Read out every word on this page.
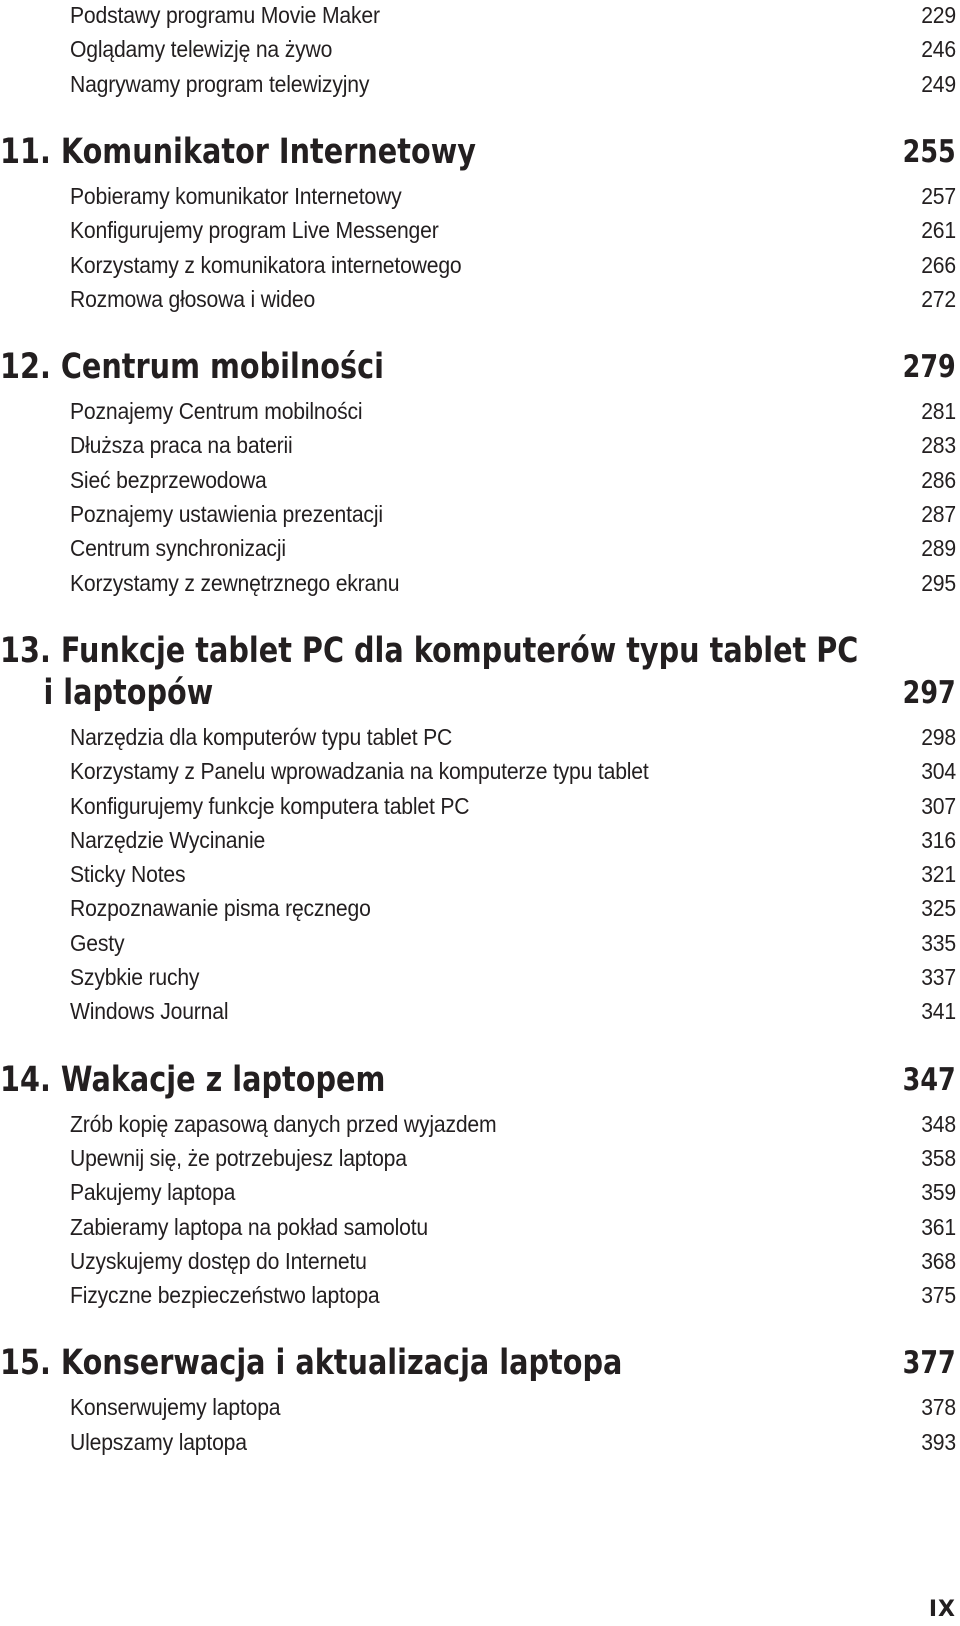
Podstawy programu Movie Maker	229
Oglądamy telewizję na żywo	246
Nagrywamy program telewizyjny	249
11. Komunikator Internetowy	255
Pobieramy komunikator Internetowy	257
Konfigurujemy program Live Messenger	261
Korzystamy z komunikatora internetowego	266
Rozmowa głosowa i wideo	272
12. Centrum mobilności	279
Poznajemy Centrum mobilności	281
Dłuższa praca na baterii	283
Sieć bezprzewodowa	286
Poznajemy ustawienia prezentacji	287
Centrum synchronizacji	289
Korzystamy z zewnętrznego ekranu	295
13. Funkcje tablet PC dla komputerów typu tablet PC
i laptopów	297
Narzędzia dla komputerów typu tablet PC	298
Korzystamy z Panelu wprowadzania na komputerze typu tablet	304
Konfigurujemy funkcje komputera tablet PC	307
Narzędzie Wycinanie	316
Sticky Notes	321
Rozpoznawanie pisma ręcznego	325
Gesty	335
Szybkie ruchy	337
Windows Journal	341
14. Wakacje z laptopem	347
Zrób kopię zapasową danych przed wyjazdem	348
Upewnij się, że potrzebujesz laptopa	358
Pakujemy laptopa	359
Zabieramy laptopa na pokład samolotu	361
Uzyskujemy dostęp do Internetu	368
Fizyczne bezpieczeństwo laptopa	375
15. Konserwacja i aktualizacja laptopa	377
Konserwujemy laptopa	378
Ulepszamy laptopa	393
IX
